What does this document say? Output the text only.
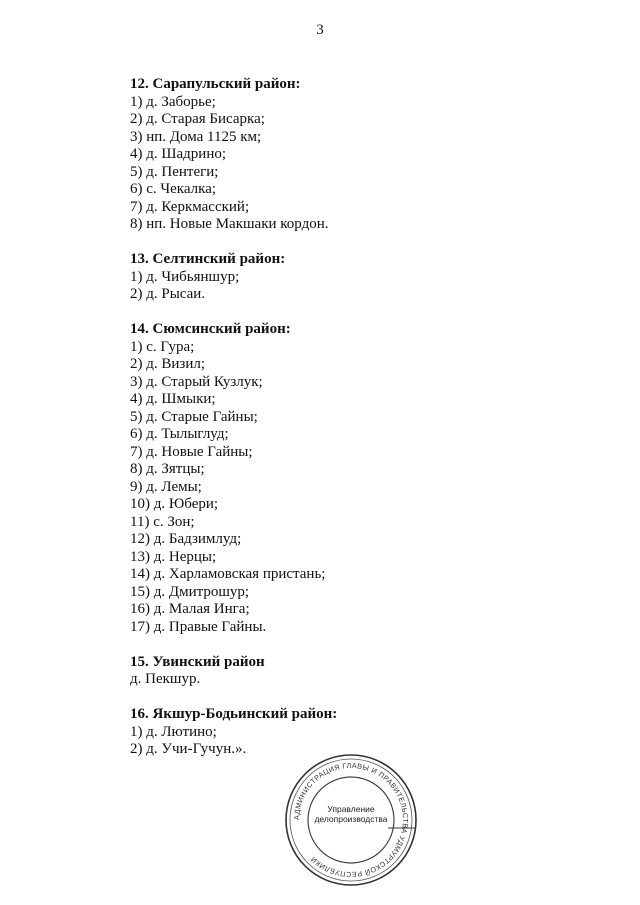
3
12. Сарапульский район:
1) д. Заборье;
2) д. Старая Бисарка;
3) нп. Дома 1125 км;
4) д. Шадрино;
5) д. Пентеги;
6) с. Чекалка;
7) д. Керкмасский;
8) нп. Новые Макшаки кордон.
13. Селтинский район:
1) д. Чибьяншур;
2) д. Рысаи.
14. Сюмсинский район:
1) с. Гура;
2) д. Визил;
3) д. Старый Кузлук;
4) д. Шмыки;
5) д. Старые Гайны;
6) д. Тылыглуд;
7) д. Новые Гайны;
8) д. Зятцы;
9) д. Лемы;
10) д. Юбери;
11) с. Зон;
12) д. Бадзимлуд;
13) д. Нерцы;
14) д. Харламовская пристань;
15) д. Дмитрошур;
16) д. Малая Инга;
17) д. Правые Гайны.
15. Увинский район
д. Пекшур.
16. Якшур-Бодьинский район:
1) д. Лютино;
2) д. Учи-Гучун.».
АДМИНИСТРАЦИЯ ГЛАВЫ И ПРАВИТЕЛЬСТВА УДМУРТСКОЙ РЕСПУБЛИКИ
Управление
делопроизводства
